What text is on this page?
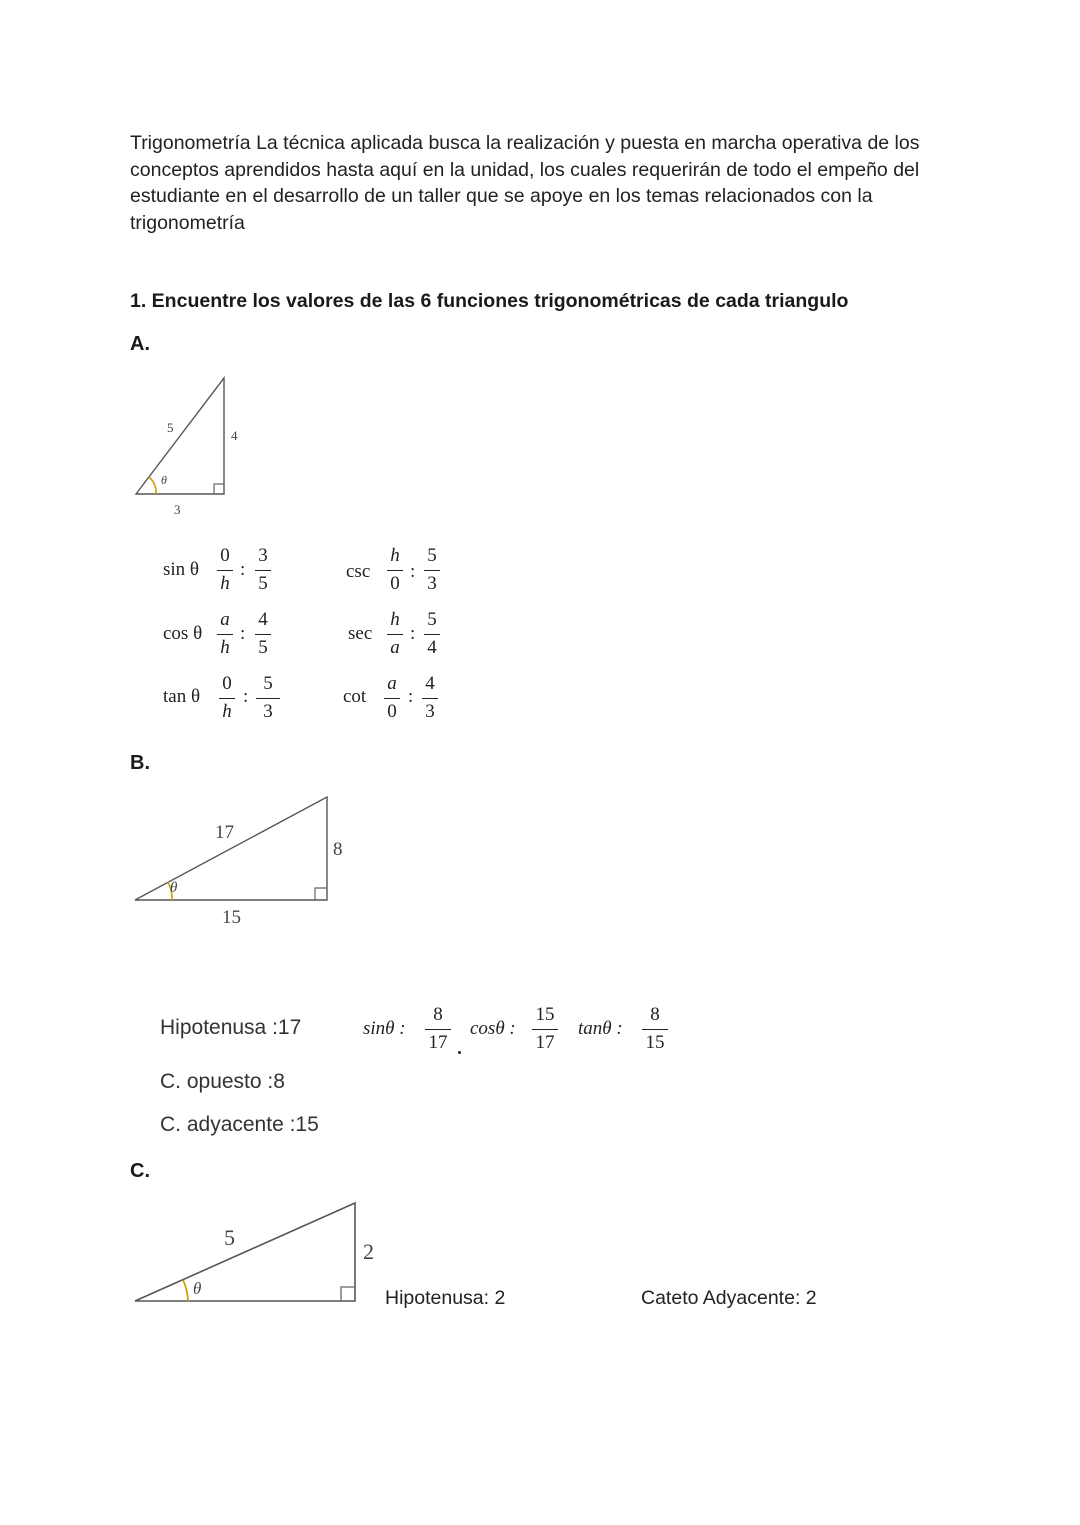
Trigonometría La técnica aplicada busca la realización y puesta en marcha operativa de los conceptos aprendidos hasta aquí en la unidad, los cuales requerirán de todo el empeño del estudiante en el desarrollo de un taller que se apoye en los temas relacionados con la trigonometría

1. Encuentre los valores de las 6 funciones trigonométricas de cada triangulo

A.
θ
5
4
3
sin θ
0
h
:
3
5
cos θ
a
h
:
4
5
tan θ
0
h
:
5
3
csc
h
0
:
5
3
sec
h
a
:
5
4
cot
a
0
:
4
3
B.
θ
17
8
15
Hipotenusa :17
C. opuesto :8
C. adyacente :15
sinθ :
8
17
cosθ :
15
17
tanθ :
8
15
C.
θ
5
2
Hipotenusa: 2	Cateto Adyacente: 2
